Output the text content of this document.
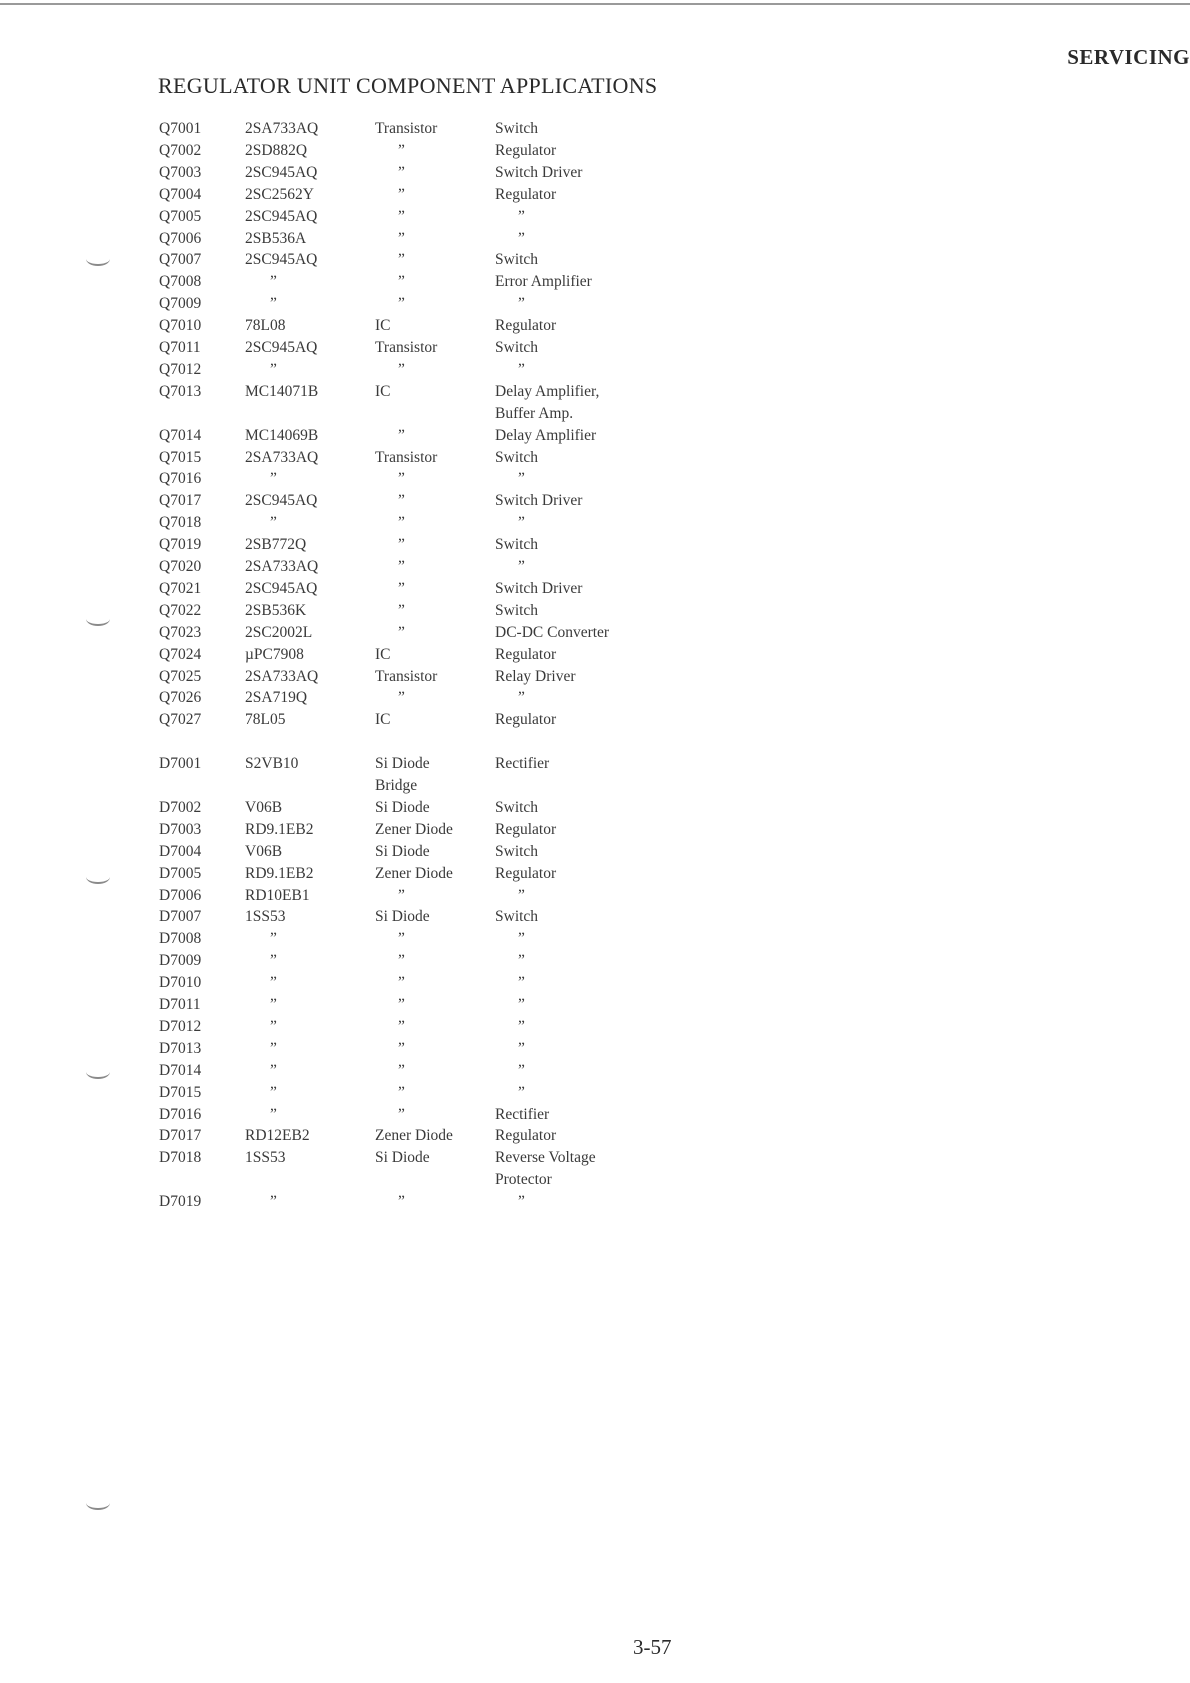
SERVICING
REGULATOR UNIT COMPONENT APPLICATIONS
Q7001	2SA733AQ	Transistor	Switch
Q7002	2SD882Q	”	Regulator
Q7003	2SC945AQ	”	Switch Driver
Q7004	2SC2562Y	”	Regulator
Q7005	2SC945AQ	”	”
Q7006	2SB536A	”	”
Q7007	2SC945AQ	”	Switch
Q7008	”	”	Error Amplifier
Q7009	”	”	”
Q7010	78L08	IC	Regulator
Q7011	2SC945AQ	Transistor	Switch
Q7012	”	”	”
Q7013	MC14071B	IC	Delay Amplifier,
Buffer Amp.
Q7014	MC14069B	”	Delay Amplifier
Q7015	2SA733AQ	Transistor	Switch
Q7016	”	”	”
Q7017	2SC945AQ	”	Switch Driver
Q7018	”	”	”
Q7019	2SB772Q	”	Switch
Q7020	2SA733AQ	”	”
Q7021	2SC945AQ	”	Switch Driver
Q7022	2SB536K	”	Switch
Q7023	2SC2002L	”	DC-DC Converter
Q7024	µPC7908	IC	Regulator
Q7025	2SA733AQ	Transistor	Relay Driver
Q7026	2SA719Q	”	”
Q7027	78L05	IC	Regulator
D7001	S2VB10	Si Diode	Rectifier
Bridge
D7002	V06B	Si Diode	Switch
D7003	RD9.1EB2	Zener Diode	Regulator
D7004	V06B	Si Diode	Switch
D7005	RD9.1EB2	Zener Diode	Regulator
D7006	RD10EB1	”	”
D7007	1SS53	Si Diode	Switch
D7008	”	”	”
D7009	”	”	”
D7010	”	”	”
D7011	”	”	”
D7012	”	”	”
D7013	”	”	”
D7014	”	”	”
D7015	”	”	”
D7016	”	”	Rectifier
D7017	RD12EB2	Zener Diode	Regulator
D7018	1SS53	Si Diode	Reverse Voltage
Protector
D7019	”	”	”
3-57
